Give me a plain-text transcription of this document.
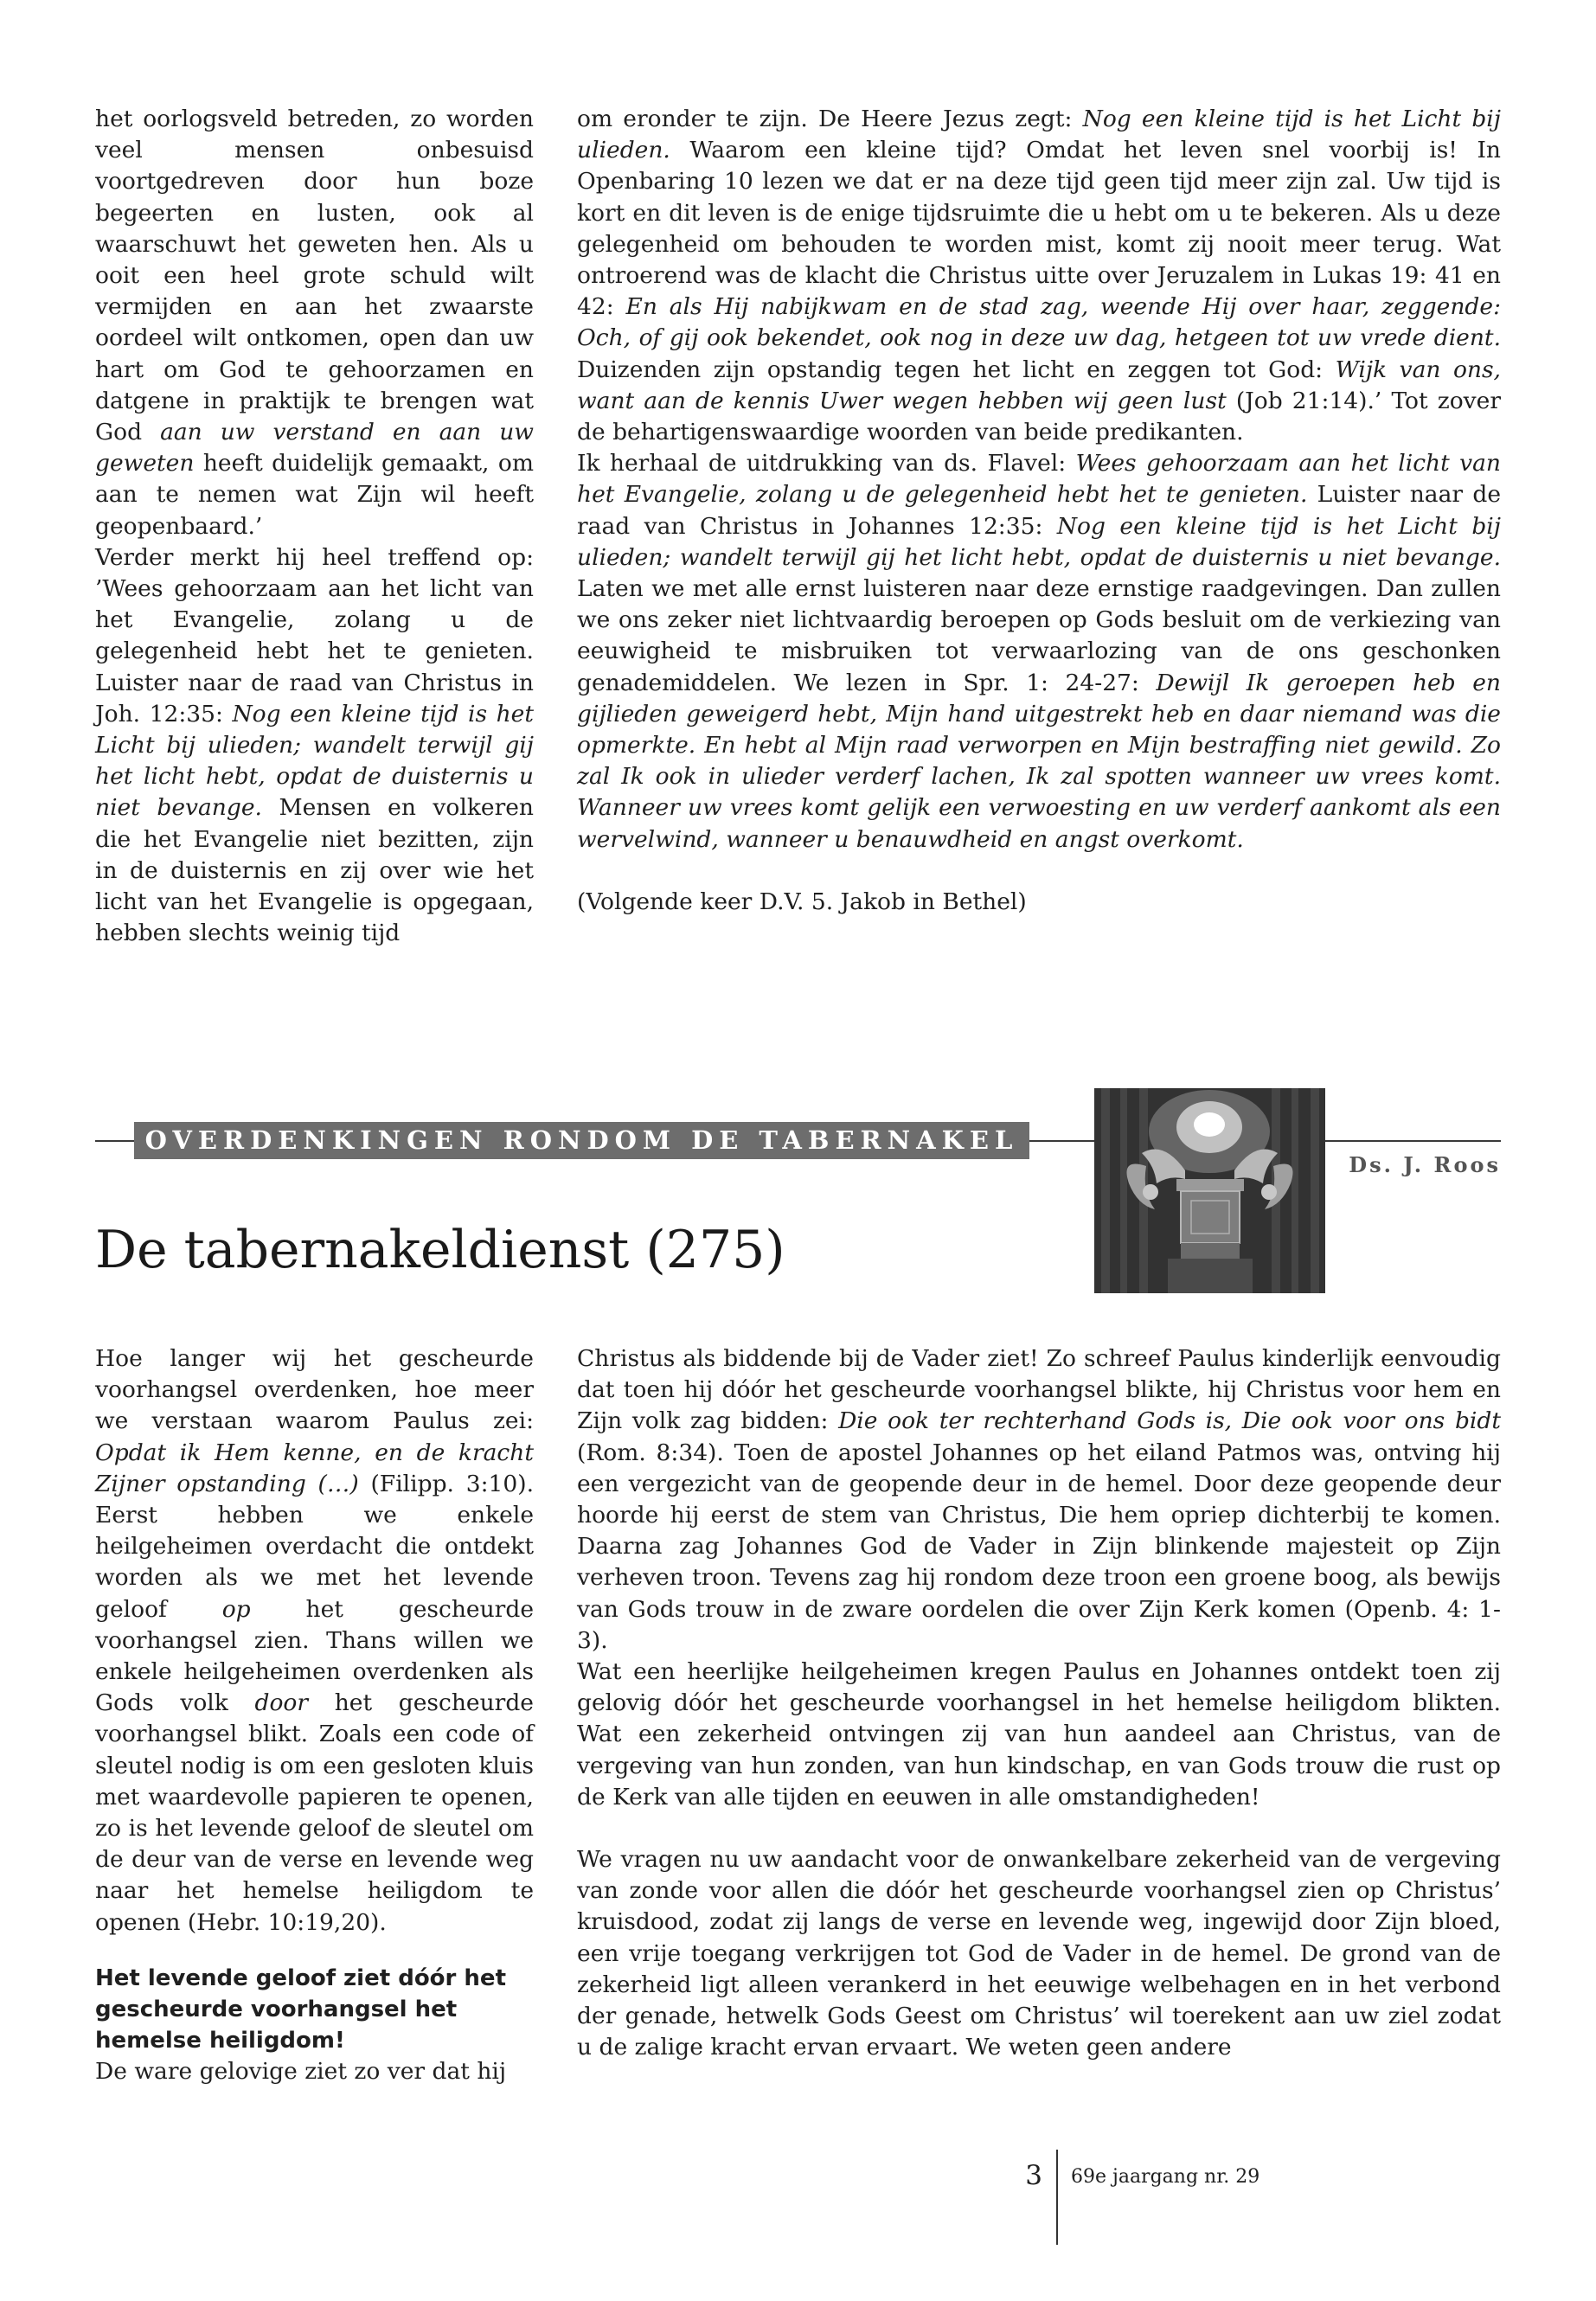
het oorlogsveld betreden, zo worden veel mensen onbesuisd voortgedreven door hun boze begeerten en lusten, ook al waarschuwt het geweten hen. Als u ooit een heel grote schuld wilt vermijden en aan het zwaarste oordeel wilt ontkomen, open dan uw hart om God te gehoorzamen en datgene in praktijk te brengen wat God aan uw verstand en aan uw geweten heeft duidelijk gemaakt, om aan te nemen wat Zijn wil heeft geopenbaard.’

Verder merkt hij heel treffend op: ’Wees gehoorzaam aan het licht van het Evangelie, zolang u de gelegenheid hebt het te genieten. Luister naar de raad van Christus in Joh. 12:35: Nog een kleine tijd is het Licht bij ulieden; wandelt terwijl gij het licht hebt, opdat de duisternis u niet bevange. Mensen en volkeren die het Evangelie niet bezitten, zijn in de duisternis en zij over wie het licht van het Evangelie is opgegaan, hebben slechts weinig tijd

om eronder te zijn. De Heere Jezus zegt: Nog een kleine tijd is het Licht bij ulieden. Waarom een kleine tijd? Omdat het leven snel voorbij is! In Openbaring 10 lezen we dat er na deze tijd geen tijd meer zijn zal. Uw tijd is kort en dit leven is de enige tijdsruimte die u hebt om u te bekeren. Als u deze gelegenheid om behouden te worden mist, komt zij nooit meer terug. Wat ontroerend was de klacht die Christus uitte over Jeruzalem in Lukas 19: 41 en 42: En als Hij nabijkwam en de stad zag, weende Hij over haar, zeggende: Och, of gij ook bekendet, ook nog in deze uw dag, hetgeen tot uw vrede dient. Duizenden zijn opstandig tegen het licht en zeggen tot God: Wijk van ons, want aan de kennis Uwer wegen hebben wij geen lust (Job 21:14).’ Tot zover de behartigenswaardige woorden van beide predikanten.

Ik herhaal de uitdrukking van ds. Flavel: Wees gehoorzaam aan het licht van het Evangelie, zolang u de gelegenheid hebt het te genieten. Luister naar de raad van Christus in Johannes 12:35: Nog een kleine tijd is het Licht bij ulieden; wandelt terwijl gij het licht hebt, opdat de duisternis u niet bevange. Laten we met alle ernst luisteren naar deze ernstige raadgevingen. Dan zullen we ons zeker niet lichtvaardig beroepen op Gods besluit om de verkiezing van eeuwigheid te misbruiken tot verwaarlozing van de ons geschonken genademiddelen. We lezen in Spr. 1: 24-27: Dewijl Ik geroepen heb en gijlieden geweigerd hebt, Mijn hand uitgestrekt heb en daar niemand was die opmerkte. En hebt al Mijn raad verworpen en Mijn bestraffing niet gewild. Zo zal Ik ook in ulieder verderf lachen, Ik zal spotten wanneer uw vrees komt. Wanneer uw vrees komt gelijk een verwoesting en uw verderf aankomt als een wervelwind, wanneer u benauwdheid en angst overkomt.

(Volgende keer D.V. 5. Jakob in Bethel)

OVERDENKINGEN RONDOM DE TABERNAKEL
Ds. J. Roos
De tabernakeldienst (275)

Hoe langer wij het gescheurde voorhangsel overdenken, hoe meer we verstaan waarom Paulus zei: Opdat ik Hem kenne, en de kracht Zijner opstanding (…) (Filipp. 3:10). Eerst hebben we enkele heilgeheimen overdacht die ontdekt worden als we met het levende geloof op het gescheurde voorhangsel zien. Thans willen we enkele heilgeheimen overdenken als Gods volk door het gescheurde voorhangsel blikt. Zoals een code of sleutel nodig is om een gesloten kluis met waardevolle papieren te openen, zo is het levende geloof de sleutel om de deur van de verse en levende weg naar het hemelse heiligdom te openen (Hebr. 10:19,20).

Het levende geloof ziet dóór het gescheurde voorhangsel het hemelse heiligdom!

De ware gelovige ziet zo ver dat hij

Christus als biddende bij de Vader ziet! Zo schreef Paulus kinderlijk eenvoudig dat toen hij dóór het gescheurde voorhangsel blikte, hij Christus voor hem en Zijn volk zag bidden: Die ook ter rechterhand Gods is, Die ook voor ons bidt (Rom. 8:34). Toen de apostel Johannes op het eiland Patmos was, ontving hij een vergezicht van de geopende deur in de hemel. Door deze geopende deur hoorde hij eerst de stem van Christus, Die hem opriep dichterbij te komen. Daarna zag Johannes God de Vader in Zijn blinkende majesteit op Zijn verheven troon. Tevens zag hij rondom deze troon een groene boog, als bewijs van Gods trouw in de zware oordelen die over Zijn Kerk komen (Openb. 4: 1-3).

Wat een heerlijke heilgeheimen kregen Paulus en Johannes ontdekt toen zij gelovig dóór het gescheurde voorhangsel in het hemelse heiligdom blikten. Wat een zekerheid ontvingen zij van hun aandeel aan Christus, van de vergeving van hun zonden, van hun kindschap, en van Gods trouw die rust op de Kerk van alle tijden en eeuwen in alle omstandigheden!

We vragen nu uw aandacht voor de onwankelbare zekerheid van de vergeving van zonde voor allen die dóór het gescheurde voorhangsel zien op Christus’ kruisdood, zodat zij langs de verse en levende weg, ingewijd door Zijn bloed, een vrije toegang verkrijgen tot God de Vader in de hemel. De grond van de zekerheid ligt alleen verankerd in het eeuwige welbehagen en in het verbond der genade, hetwelk Gods Geest om Christus’ wil toerekent aan uw ziel zodat u de zalige kracht ervan ervaart. We weten geen andere

3 69e jaargang nr. 29
